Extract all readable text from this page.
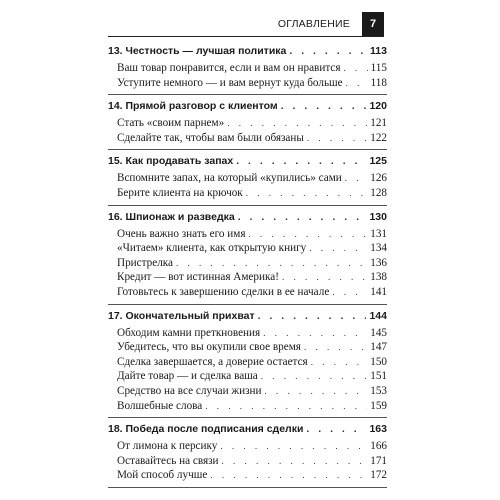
ОГЛАВЛЕНИЕ	7
13. Честность — лучшая политика . . .	113
Ваш товар понравится, если и вам он нравится . . .	115
Уступите немного — и вам вернут куда больше . . . 118
14. Прямой разговор с клиентом . . .	120
Стать «своим парнем» . . .	121
Сделайте так, чтобы вам были обязаны . . .	122
15. Как продавать запах . . .	125
Вспомните запах, на который «купились» сами . . .	126
Берите клиента на крючок . . .	128
16. Шпионаж и разведка . . .	130
Очень важно знать его имя . . .	131
«Читаем» клиента, как открытую книгу . . .	134
Пристрелка . . .	136
Кредит — вот истинная Америка! . . .	138
Готовьтесь к завершению сделки в ее начале . . .	141
17. Окончательный прихват . . .	144
Обходим камни преткновения . . .	145
Убедитесь, что вы окупили свое время . . .	147
Сделка завершается, а доверие остается . . .	150
Дайте товар — и сделка ваша . . .	151
Средство на все случаи жизни . . .	153
Волшебные слова . . .	159
18. Победа после подписания сделки . . .	163
От лимона к персику . . .	166
Оставайтесь на связи . . .	171
Мой способ лучше . . .	172
